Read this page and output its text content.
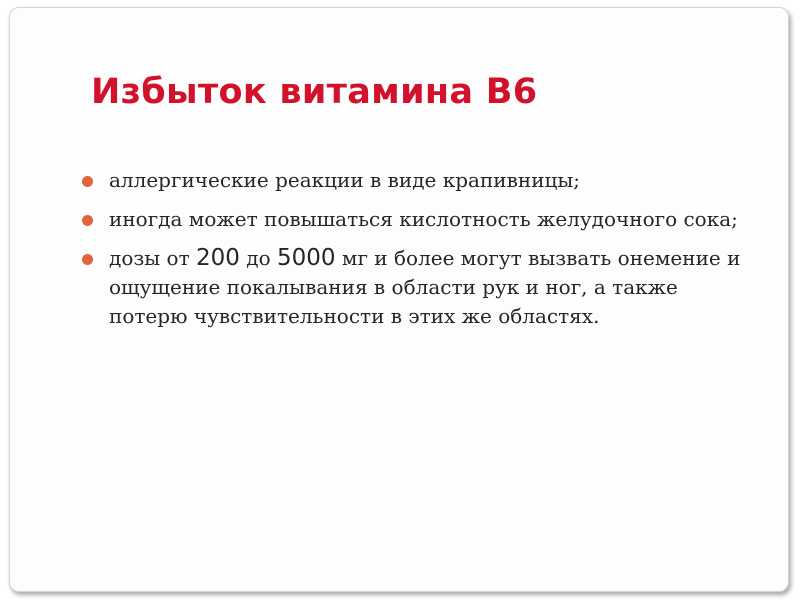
Избыток витамина В6
аллергические реакции в виде крапивницы;
иногда может повышаться кислотность желудочного сока;
дозы от 200 до 5000 мг и более могут вызвать онемение и ощущение покалывания в области рук и ног, а также потерю чувствительности в этих же областях.
